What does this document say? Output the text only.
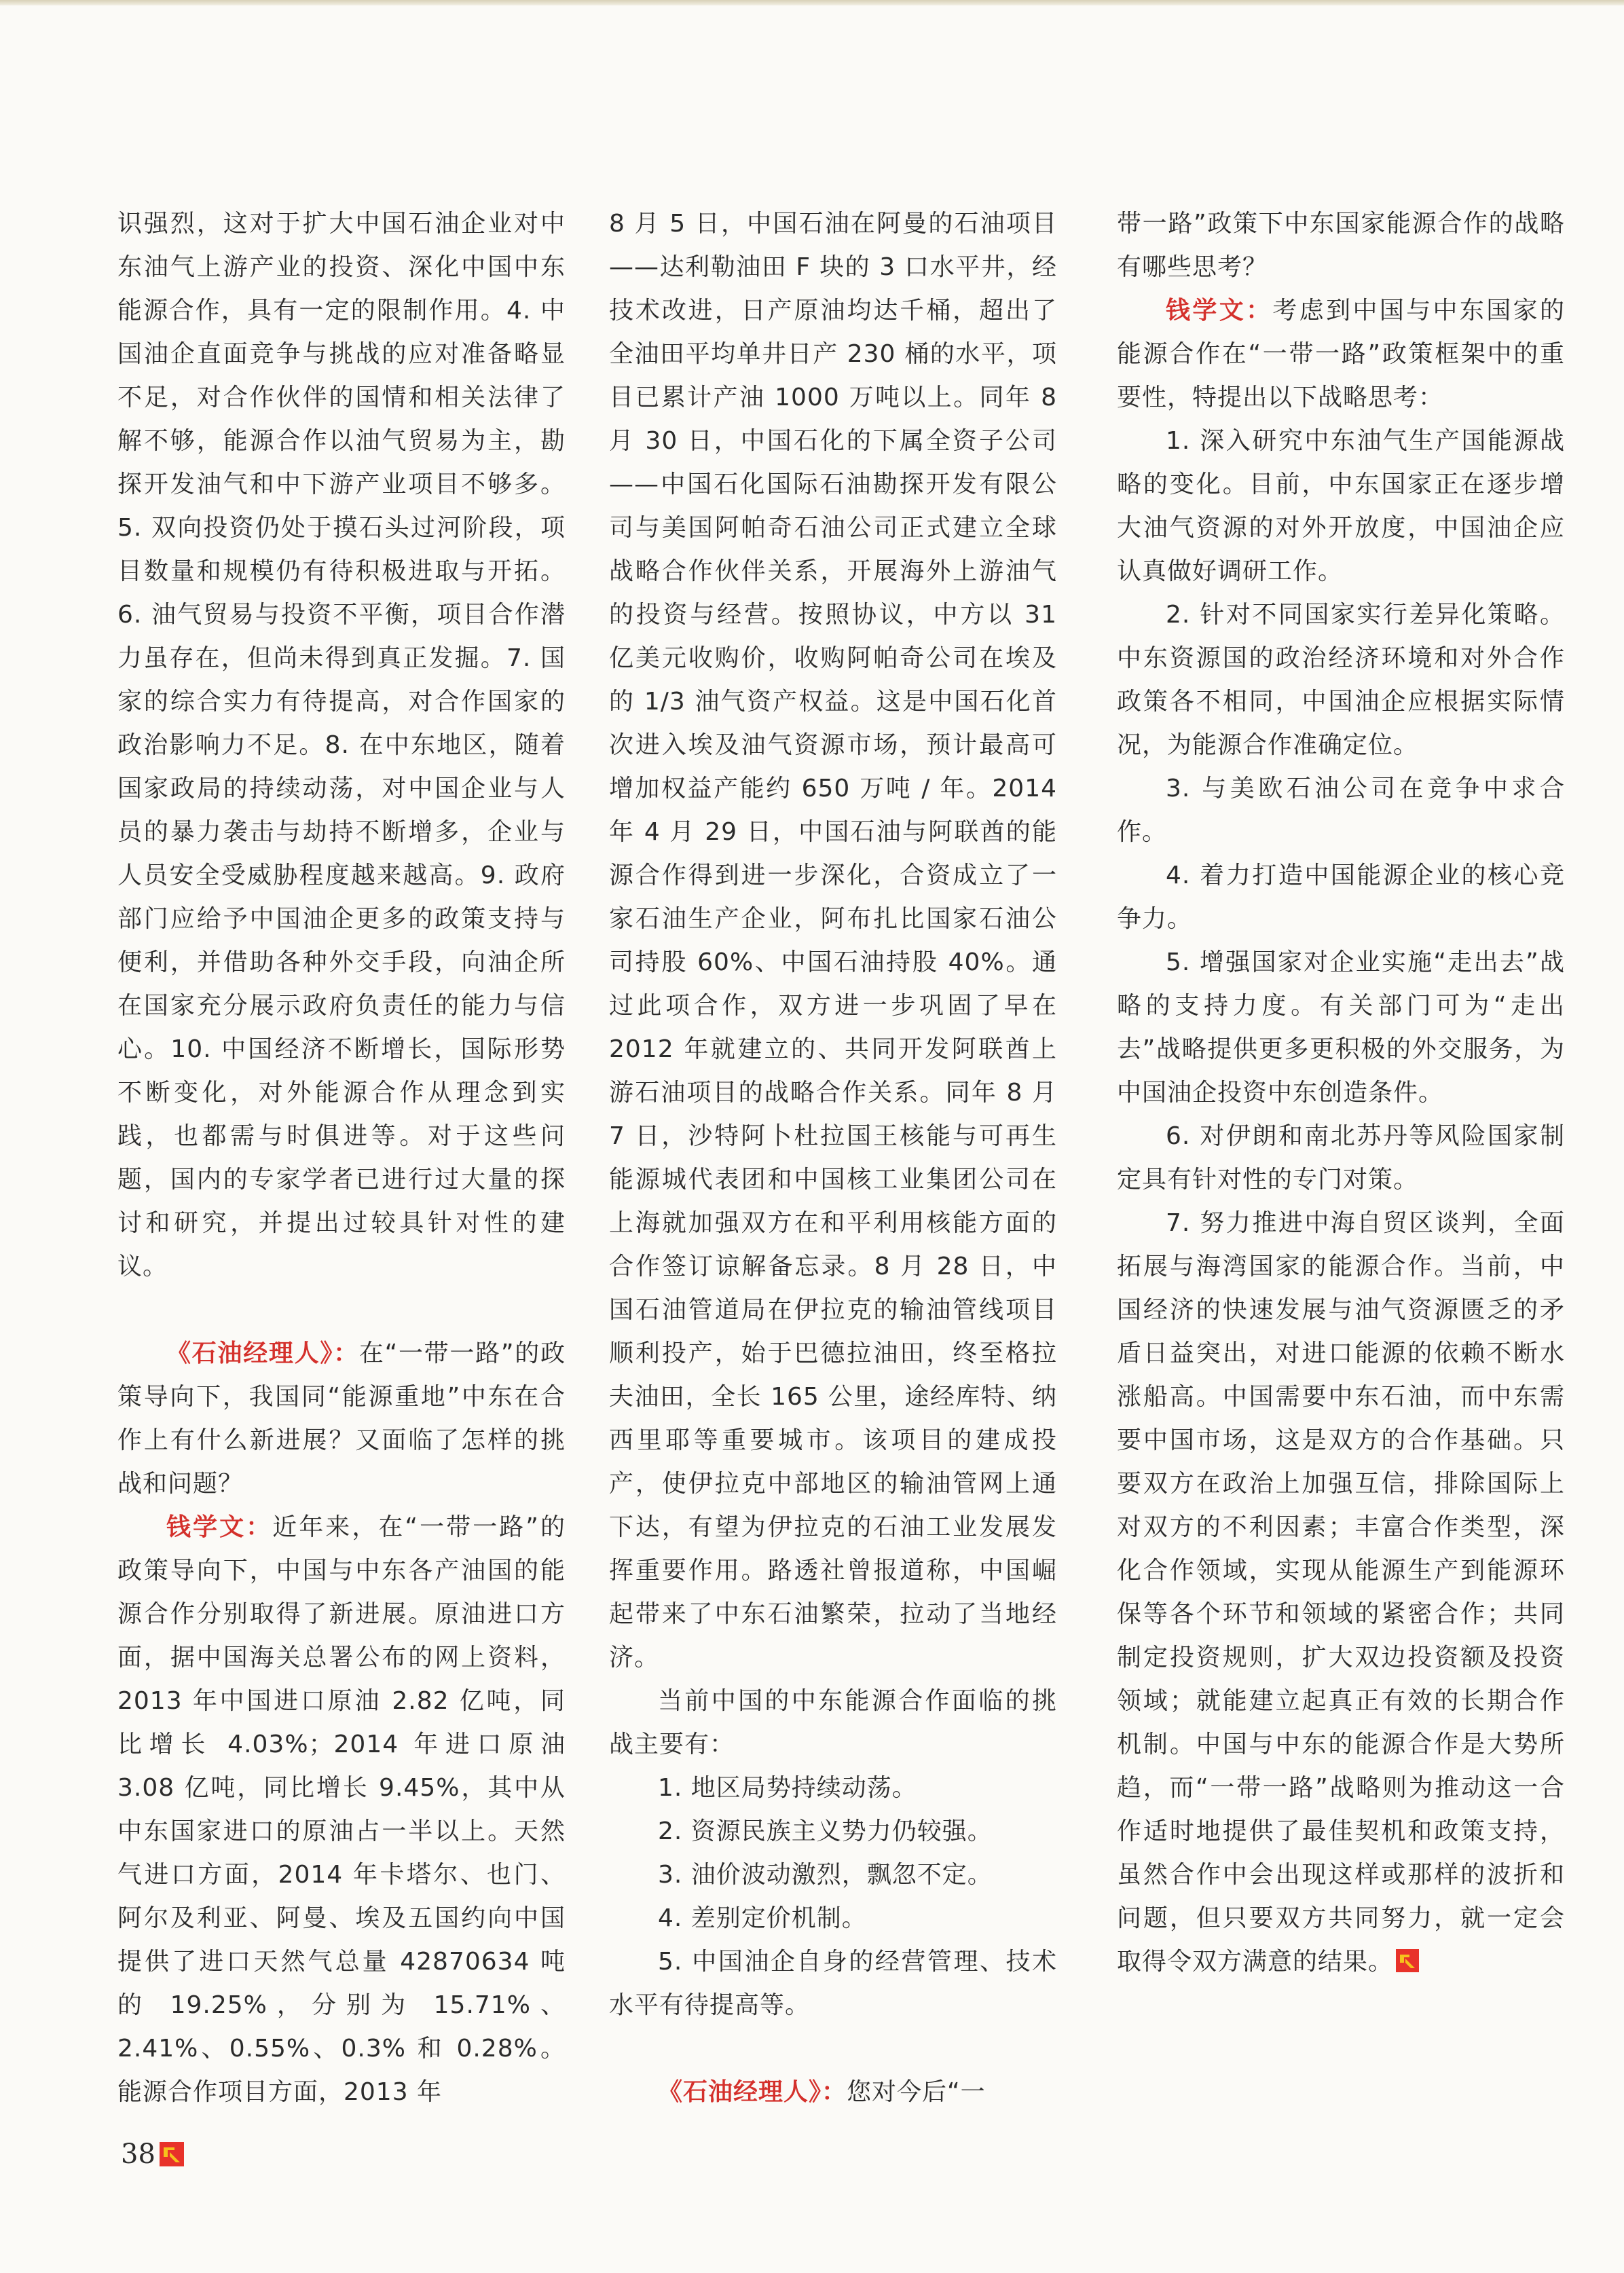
识强烈，这对于扩大中国石油企业对中东油气上游产业的投资、深化中国中东能源合作，具有一定的限制作用。4. 中国油企直面竞争与挑战的应对准备略显不足，对合作伙伴的国情和相关法律了解不够，能源合作以油气贸易为主，勘探开发油气和中下游产业项目不够多。5. 双向投资仍处于摸石头过河阶段，项目数量和规模仍有待积极进取与开拓。6. 油气贸易与投资不平衡，项目合作潜力虽存在，但尚未得到真正发掘。7. 国家的综合实力有待提高，对合作国家的政治影响力不足。8. 在中东地区，随着国家政局的持续动荡，对中国企业与人员的暴力袭击与劫持不断增多，企业与人员安全受威胁程度越来越高。9. 政府部门应给予中国油企更多的政策支持与便利，并借助各种外交手段，向油企所在国家充分展示政府负责任的能力与信心。10. 中国经济不断增长，国际形势不断变化，对外能源合作从理念到实践，也都需与时俱进等。对于这些问题，国内的专家学者已进行过大量的探讨和研究，并提出过较具针对性的建议。

《石油经理人》：在“一带一路”的政策导向下，我国同“能源重地”中东在合作上有什么新进展？又面临了怎样的挑战和问题？

钱学文：近年来，在“一带一路”的政策导向下，中国与中东各产油国的能源合作分别取得了新进展。原油进口方面，据中国海关总署公布的网上资料，2013 年中国进口原油 2.82 亿吨，同比增长 4.03%；2014 年进口原油 3.08 亿吨，同比增长 9.45%，其中从中东国家进口的原油占一半以上。天然气进口方面，2014 年卡塔尔、也门、阿尔及利亚、阿曼、埃及五国约向中国提供了进口天然气总量 42870634 吨的 19.25%，分别为 15.71%、2.41%、0.55%、0.3% 和 0.28%。能源合作项目方面，2013 年

8 月 5 日，中国石油在阿曼的石油项目——达利勒油田 F 块的 3 口水平井，经技术改进，日产原油均达千桶，超出了全油田平均单井日产 230 桶的水平，项目已累计产油 1000 万吨以上。同年 8 月 30 日，中国石化的下属全资子公司——中国石化国际石油勘探开发有限公司与美国阿帕奇石油公司正式建立全球战略合作伙伴关系，开展海外上游油气的投资与经营。按照协议，中方以 31 亿美元收购价，收购阿帕奇公司在埃及的 1/3 油气资产权益。这是中国石化首次进入埃及油气资源市场，预计最高可增加权益产能约 650 万吨 / 年。2014 年 4 月 29 日，中国石油与阿联酋的能源合作得到进一步深化，合资成立了一家石油生产企业，阿布扎比国家石油公司持股 60%、中国石油持股 40%。通过此项合作，双方进一步巩固了早在 2012 年就建立的、共同开发阿联酋上游石油项目的战略合作关系。同年 8 月 7 日，沙特阿卜杜拉国王核能与可再生能源城代表团和中国核工业集团公司在上海就加强双方在和平利用核能方面的合作签订谅解备忘录。8 月 28 日，中国石油管道局在伊拉克的输油管线项目顺利投产，始于巴德拉油田，终至格拉夫油田，全长 165 公里，途经库特、纳西里耶等重要城市。该项目的建成投产，使伊拉克中部地区的输油管网上通下达，有望为伊拉克的石油工业发展发挥重要作用。路透社曾报道称，中国崛起带来了中东石油繁荣，拉动了当地经济。

当前中国的中东能源合作面临的挑战主要有：

1. 地区局势持续动荡。

2. 资源民族主义势力仍较强。

3. 油价波动激烈，飘忽不定。

4. 差别定价机制。

5. 中国油企自身的经营管理、技术水平有待提高等。

《石油经理人》：您对今后“一

带一路”政策下中东国家能源合作的战略有哪些思考？

钱学文：考虑到中国与中东国家的能源合作在“一带一路”政策框架中的重要性，特提出以下战略思考：

1. 深入研究中东油气生产国能源战略的变化。目前，中东国家正在逐步增大油气资源的对外开放度，中国油企应认真做好调研工作。

2. 针对不同国家实行差异化策略。中东资源国的政治经济环境和对外合作政策各不相同，中国油企应根据实际情况，为能源合作准确定位。

3. 与美欧石油公司在竞争中求合作。

4. 着力打造中国能源企业的核心竞争力。

5. 增强国家对企业实施“走出去”战略的支持力度。有关部门可为“走出去”战略提供更多更积极的外交服务，为中国油企投资中东创造条件。

6. 对伊朗和南北苏丹等风险国家制定具有针对性的专门对策。

7. 努力推进中海自贸区谈判，全面拓展与海湾国家的能源合作。当前，中国经济的快速发展与油气资源匮乏的矛盾日益突出，对进口能源的依赖不断水涨船高。中国需要中东石油，而中东需要中国市场，这是双方的合作基础。只要双方在政治上加强互信，排除国际上对双方的不利因素；丰富合作类型，深化合作领域，实现从能源生产到能源环保等各个环节和领域的紧密合作；共同制定投资规则，扩大双边投资额及投资领域；就能建立起真正有效的长期合作机制。中国与中东的能源合作是大势所趋，而“一带一路”战略则为推动这一合作适时地提供了最佳契机和政策支持，虽然合作中会出现这样或那样的波折和问题，但只要双方共同努力，就一定会取得令双方满意的结果。

38
